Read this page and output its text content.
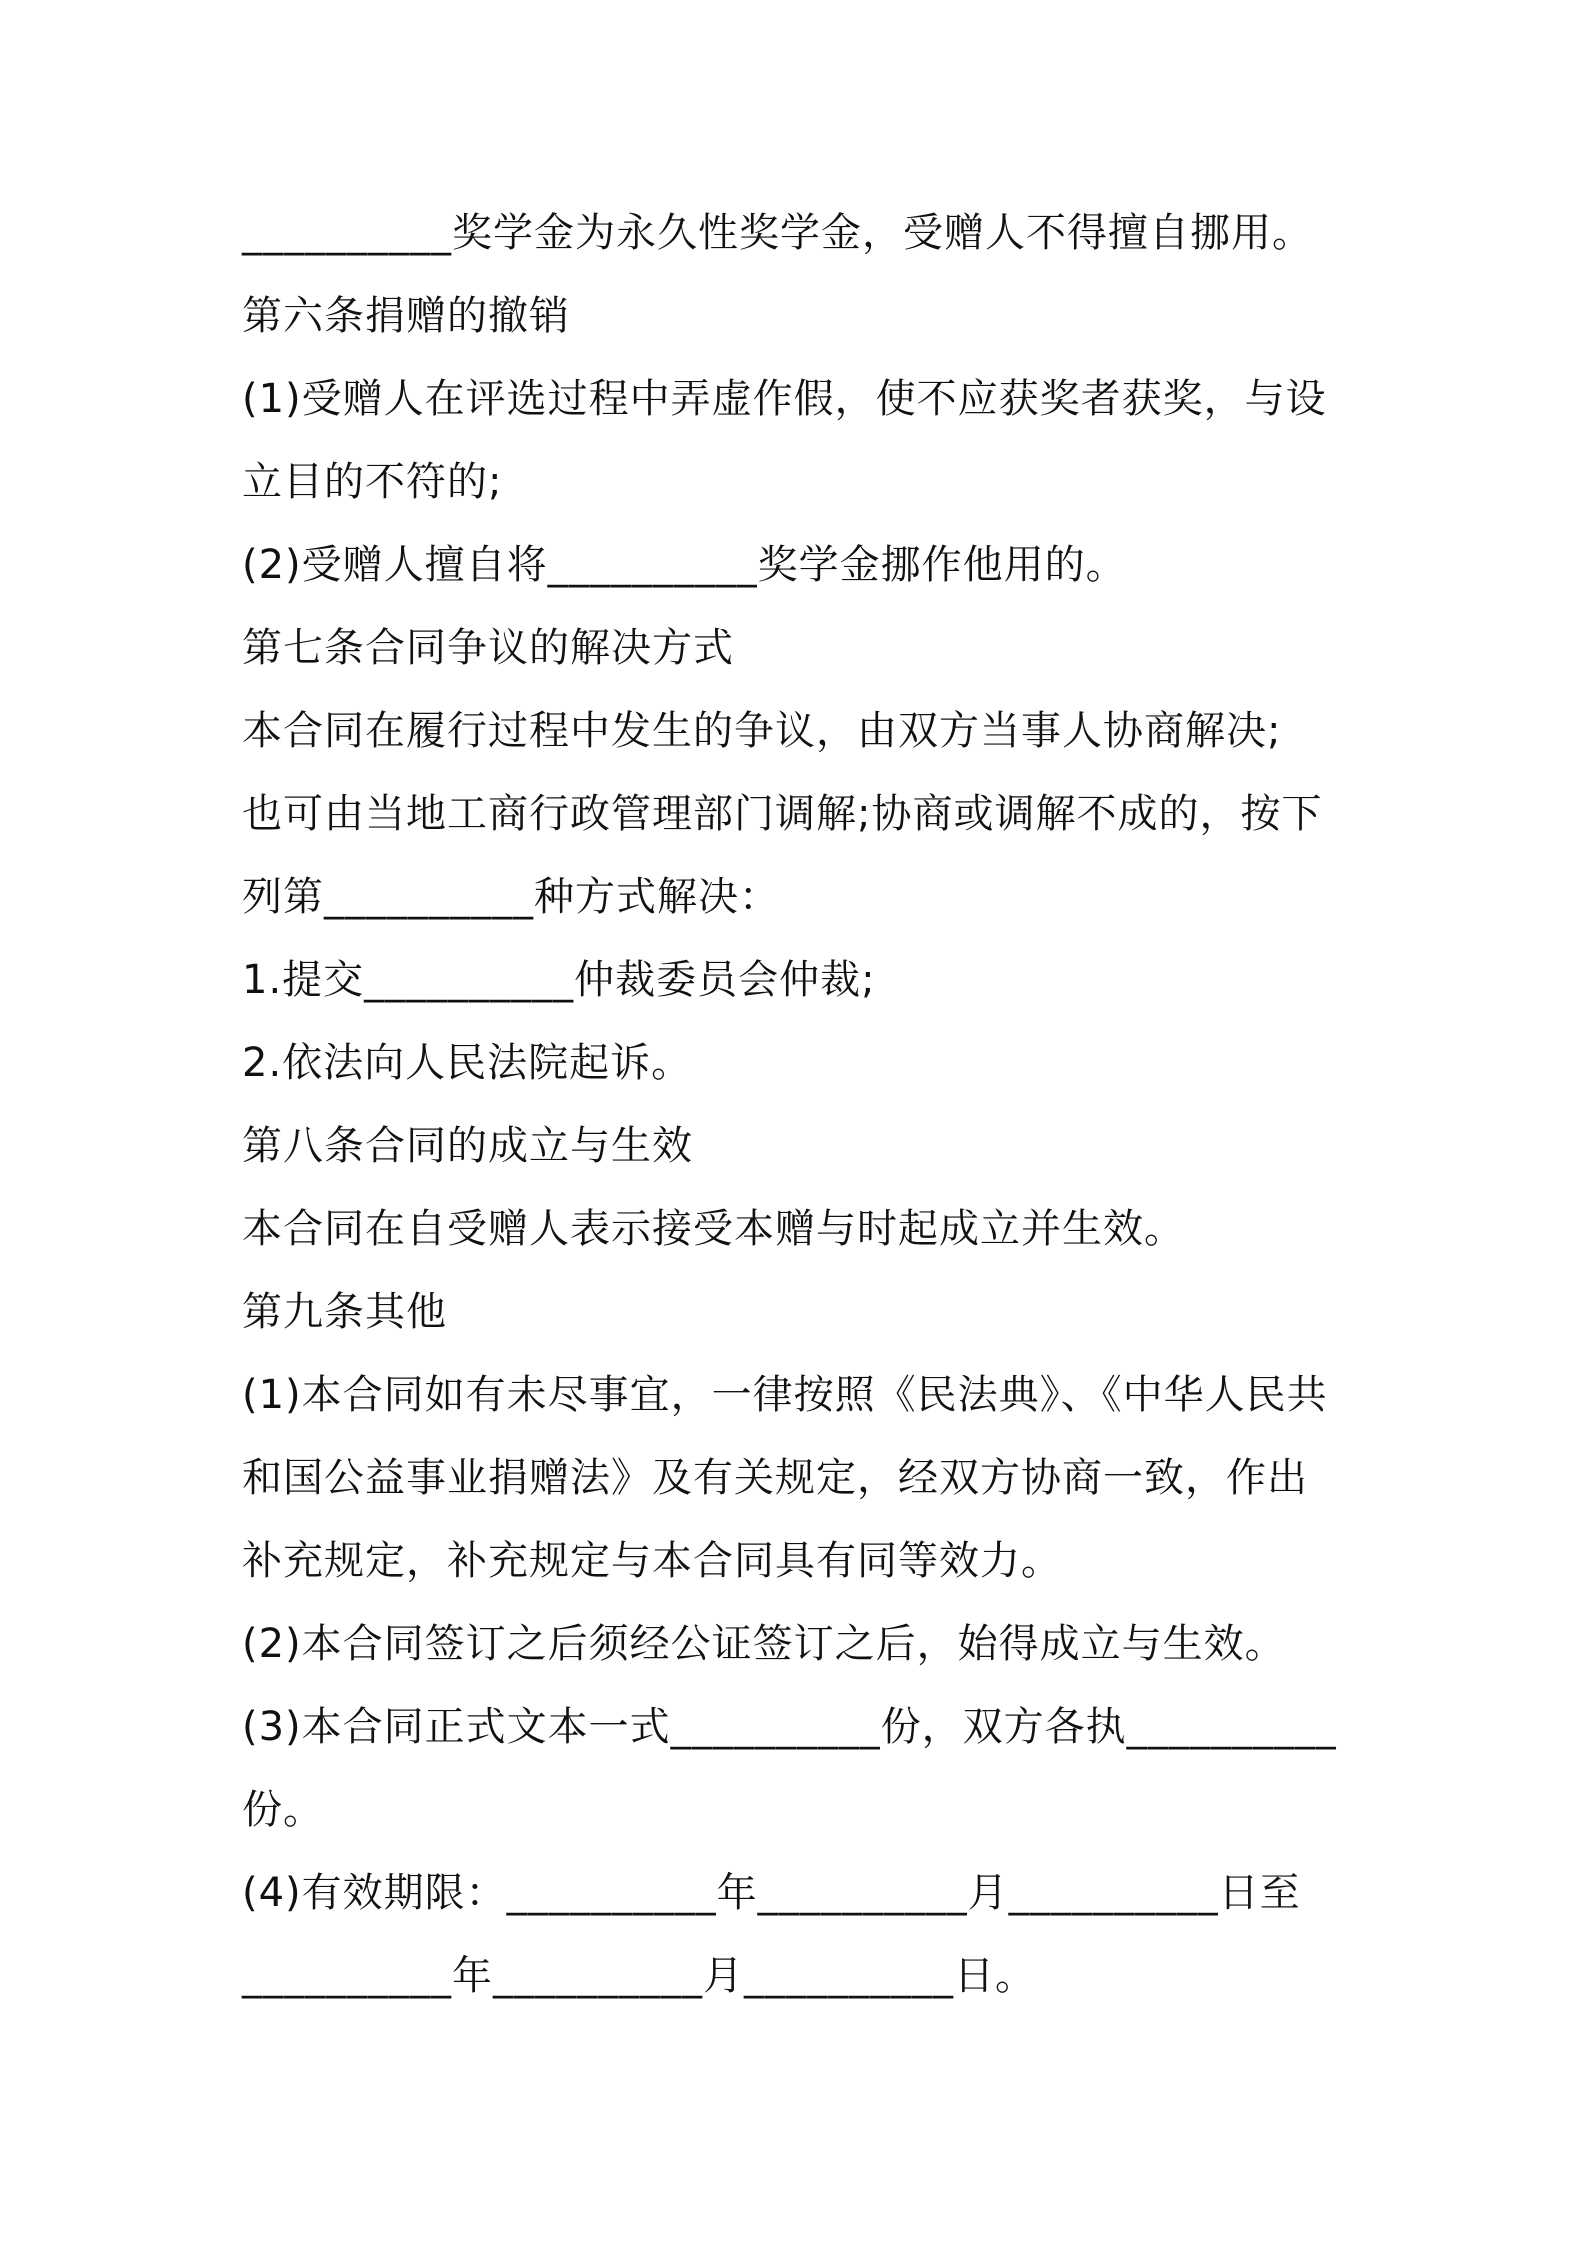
__________奖学金为永久性奖学金，受赠人不得擅自挪用。
第六条捐赠的撤销
(1)受赠人在评选过程中弄虚作假，使不应获奖者获奖，与设
立目的不符的;
(2)受赠人擅自将__________奖学金挪作他用的。
第七条合同争议的解决方式
本合同在履行过程中发生的争议，由双方当事人协商解决;
也可由当地工商行政管理部门调解;协商或调解不成的，按下
列第__________种方式解决：
1.提交__________仲裁委员会仲裁;
2.依法向人民法院起诉。
第八条合同的成立与生效
本合同在自受赠人表示接受本赠与时起成立并生效。
第九条其他
(1)本合同如有未尽事宜，一律按照《民法典》、《中华人民共
和国公益事业捐赠法》及有关规定，经双方协商一致，作出
补充规定，补充规定与本合同具有同等效力。
(2)本合同签订之后须经公证签订之后，始得成立与生效。
(3)本合同正式文本一式__________份，双方各执__________
份。
(4)有效期限：__________年__________月__________日至
__________年__________月__________日。
